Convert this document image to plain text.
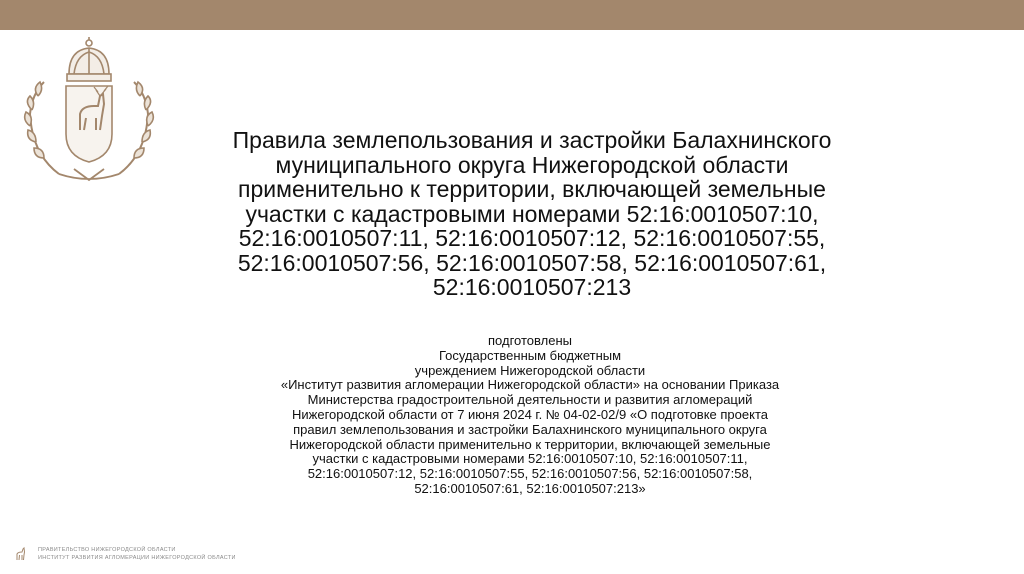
Правила землепользования и застройки Балахнинского
муниципального округа Нижегородской области
применительно к территории, включающей земельные
участки с кадастровыми номерами 52:16:0010507:10,
52:16:0010507:11, 52:16:0010507:12, 52:16:0010507:55,
52:16:0010507:56, 52:16:0010507:58, 52:16:0010507:61,
52:16:0010507:213
подготовлены
Государственным бюджетным
учреждением Нижегородской области
«Институт развития агломерации Нижегородской области» на основании Приказа
Министерства градостроительной деятельности и развития агломераций
Нижегородской области от 7 июня 2024 г. № 04-02-02/9 «О подготовке проекта
правил землепользования и застройки Балахнинского муниципального округа
Нижегородской области применительно к территории, включающей земельные
участки с кадастровыми номерами 52:16:0010507:10, 52:16:0010507:11,
52:16:0010507:12, 52:16:0010507:55, 52:16:0010507:56, 52:16:0010507:58,
52:16:0010507:61, 52:16:0010507:213»
ПРАВИТЕЛЬСТВО НИЖЕГОРОДСКОЙ ОБЛАСТИ
ИНСТИТУТ РАЗВИТИЯ АГЛОМЕРАЦИИ НИЖЕГОРОДСКОЙ ОБЛАСТИ
